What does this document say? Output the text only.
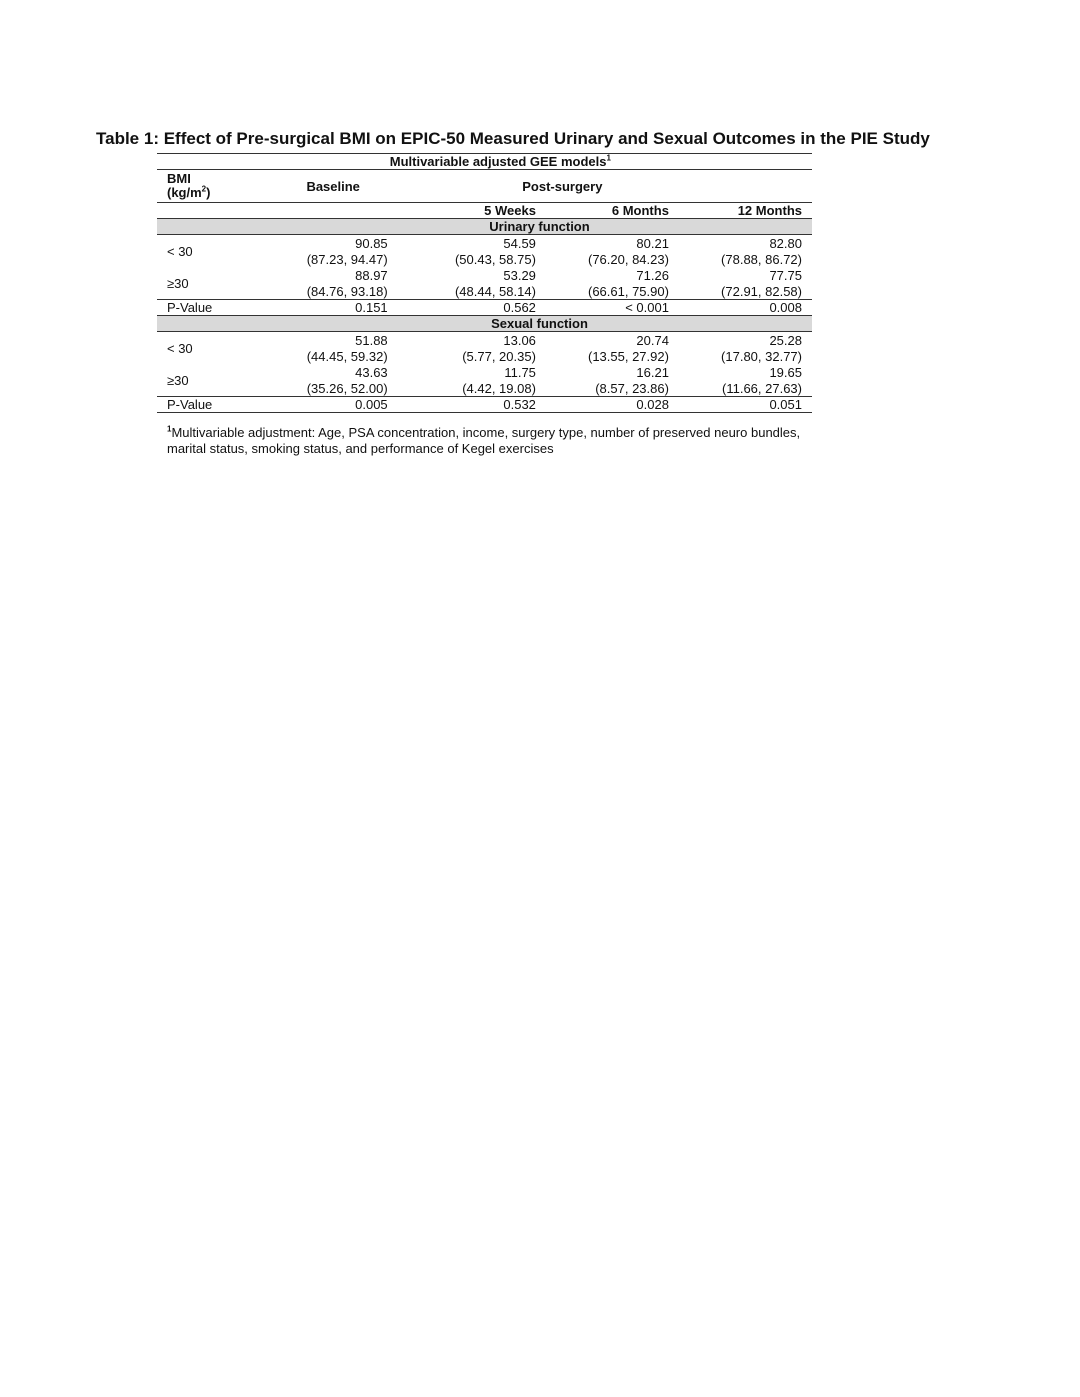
Table 1: Effect of Pre-surgical BMI on EPIC-50 Measured Urinary and Sexual Outcomes in the PIE Study
	Multivariable adjusted GEE models$^1$

BMI
$(kg/m^2)$	Baseline	Post-surgery		
		5 Weeks	6 Months	12 Months
Urinary function				
< 30	90.85	54.59	80.21	82.80
	(87.23, 94.47)	(50.43, 58.75)	(76.20, 84.23)	(78.88, 86.72)
≥30	88.97	53.29	71.26	77.75
	(84.76, 93.18)	(48.44, 58.14)	(66.61, 75.90)	(72.91, 82.58)
P-Value	0.151	0.562	< 0.001	0.008
Sexual function				
< 30	51.88	13.06	20.74	25.28
	(44.45, 59.32)	(5.77, 20.35)	(13.55, 27.92)	(17.80, 32.77)
≥30	43.63	11.75	16.21	19.65
	(35.26, 52.00)	(4.42, 19.08)	(8.57, 23.86)	(11.66, 27.63)
P-Value	0.005	0.532	0.028	0.051
$^1$Multivariable adjustment: Age, PSA concentration, income, surgery type, number of preserved neuro bundles, marital status, smoking status, and performance of Kegel exercises
